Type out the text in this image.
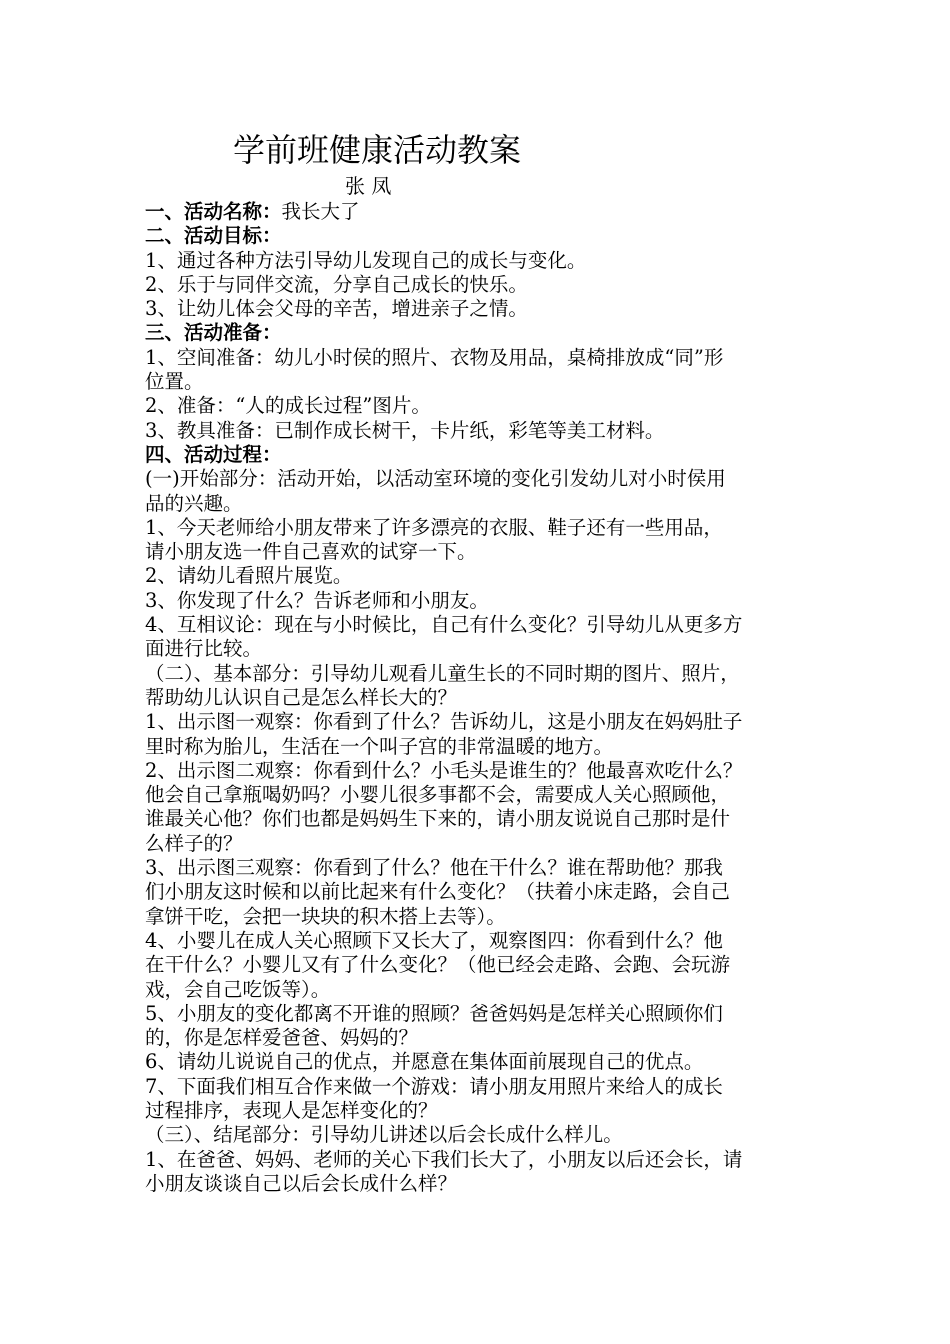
学前班健康活动教案
张 凤

一、活动名称：我长大了

二、活动目标：

1、通过各种方法引导幼儿发现自己的成长与变化。

2、乐于与同伴交流，分享自己成长的快乐。

3、让幼儿体会父母的辛苦，增进亲子之情。

三、活动准备：

1、空间准备：幼儿小时侯的照片、衣物及用品，桌椅排放成“同”形

位置。

2、准备：“人的成长过程”图片。

3、教具准备：已制作成长树干，卡片纸，彩笔等美工材料。

四、活动过程：

(一)开始部分：活动开始，以活动室环境的变化引发幼儿对小时侯用

品的兴趣。

1、今天老师给小朋友带来了许多漂亮的衣服、鞋子还有一些用品，

请小朋友选一件自己喜欢的试穿一下。

2、请幼儿看照片展览。

3、你发现了什么？告诉老师和小朋友。

4、互相议论：现在与小时候比，自己有什么变化？引导幼儿从更多方

面进行比较。

（二）、基本部分：引导幼儿观看儿童生长的不同时期的图片、照片，

帮助幼儿认识自己是怎么样长大的？

1、出示图一观察：你看到了什么？告诉幼儿，这是小朋友在妈妈肚子

里时称为胎儿，生活在一个叫子宫的非常温暖的地方。

2、出示图二观察：你看到什么？小毛头是谁生的？他最喜欢吃什么？

他会自己拿瓶喝奶吗？小婴儿很多事都不会，需要成人关心照顾他，

谁最关心他？你们也都是妈妈生下来的，请小朋友说说自己那时是什

么样子的？

3、出示图三观察：你看到了什么？他在干什么？谁在帮助他？那我

们小朋友这时候和以前比起来有什么变化？（扶着小床走路，会自己

拿饼干吃，会把一块块的积木搭上去等）。

4、小婴儿在成人关心照顾下又长大了，观察图四：你看到什么？他

在干什么？小婴儿又有了什么变化？（他已经会走路、会跑、会玩游

戏，会自己吃饭等）。

5、小朋友的变化都离不开谁的照顾？爸爸妈妈是怎样关心照顾你们

的，你是怎样爱爸爸、妈妈的？

6、请幼儿说说自己的优点，并愿意在集体面前展现自己的优点。

7、下面我们相互合作来做一个游戏：请小朋友用照片来给人的成长

过程排序，表现人是怎样变化的？

（三）、结尾部分：引导幼儿讲述以后会长成什么样儿。

1、在爸爸、妈妈、老师的关心下我们长大了，小朋友以后还会长，请

小朋友谈谈自己以后会长成什么样？
